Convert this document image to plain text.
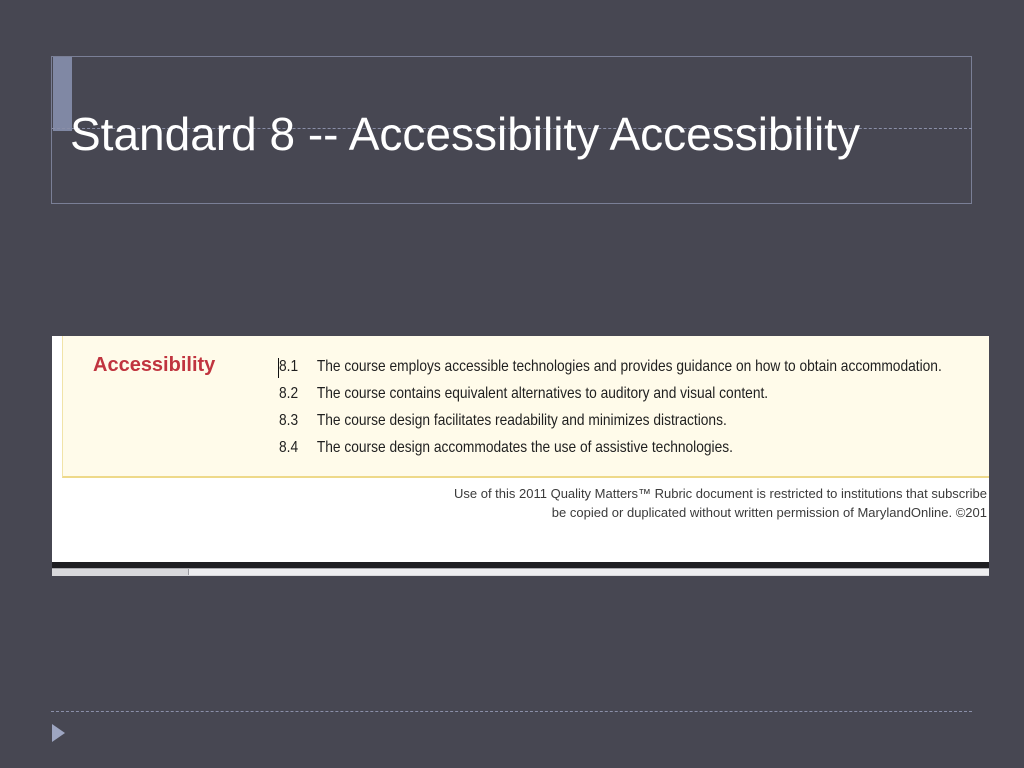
Standard 8 -- Accessibility Accessibility
Accessibility	8.1 The course employs accessible technologies and provides guidance on how to obtain accommodation.
8.2 The course contains equivalent alternatives to auditory and visual content.
8.3 The course design facilitates readability and minimizes distractions.
8.4 The course design accommodates the use of assistive technologies.
Use of this 2011 Quality Matters™ Rubric document is restricted to institutions that subscribe
be copied or duplicated without written permission of MarylandOnline. ©201
